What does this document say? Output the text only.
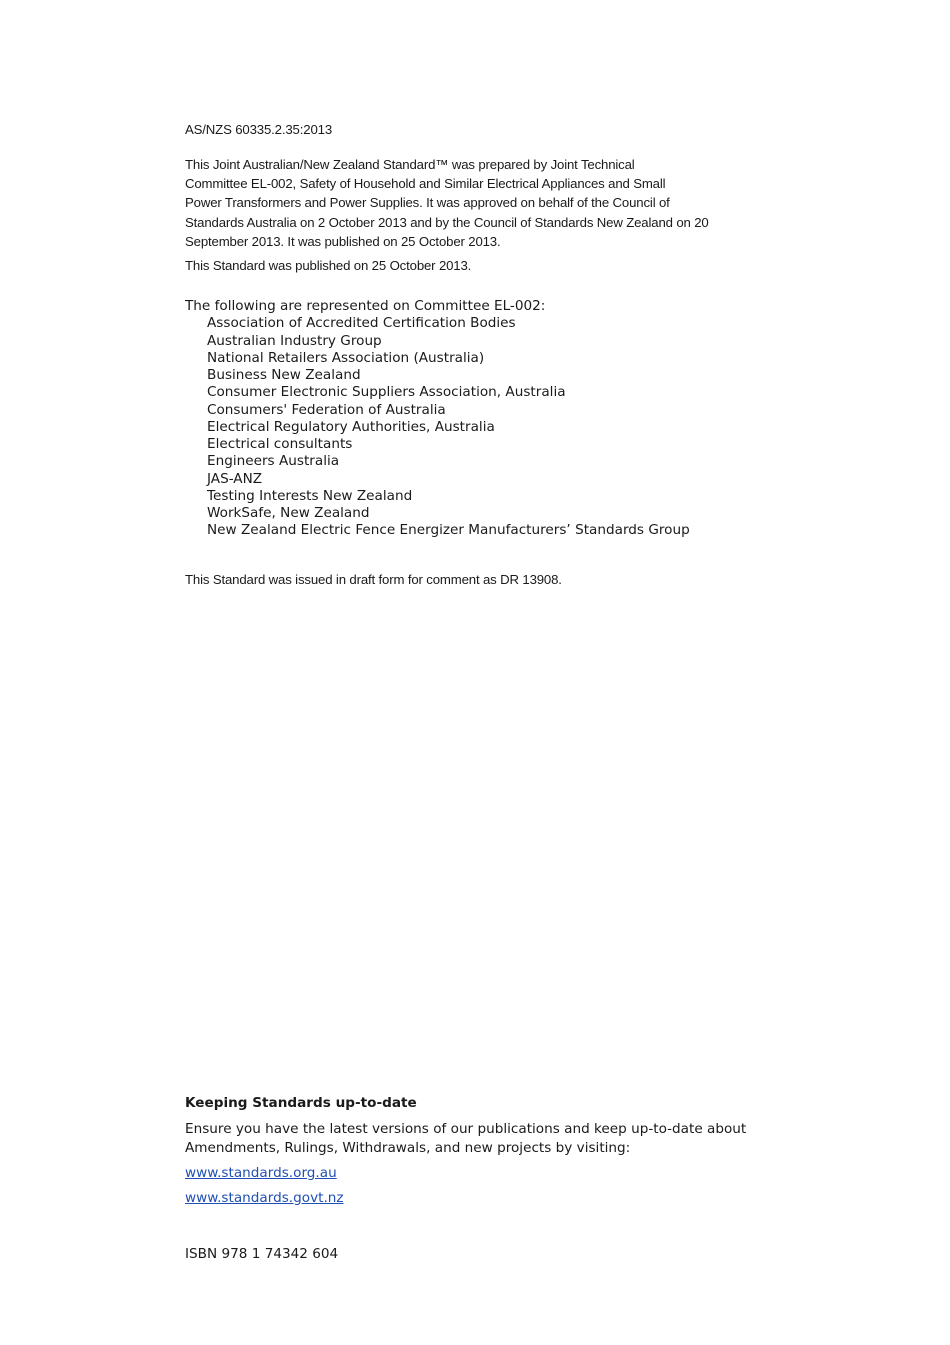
AS/NZS 60335.2.35:2013

This Joint Australian/New Zealand Standard™ was prepared by Joint Technical

Committee EL-002, Safety of Household and Similar Electrical Appliances and Small

Power Transformers and Power Supplies. It was approved on behalf of the Council of

Standards Australia on 2 October 2013 and by the Council of Standards New Zealand on 20

September 2013. It was published on 25 October 2013.

This Standard was published on 25 October 2013.

The following are represented on Committee EL-002:

Association of Accredited Certification Bodies
Australian Industry Group
National Retailers Association (Australia)
Business New Zealand
Consumer Electronic Suppliers Association, Australia
Consumers' Federation of Australia
Electrical Regulatory Authorities, Australia
Electrical consultants
Engineers Australia
JAS-ANZ
Testing Interests New Zealand
WorkSafe, New Zealand
New Zealand Electric Fence Energizer Manufacturers’ Standards Group

This Standard was issued in draft form for comment as DR 13908.

Keeping Standards up-to-date

Ensure you have the latest versions of our publications and keep up-to-date about

Amendments, Rulings, Withdrawals, and new projects by visiting:

www.standards.org.au
www.standards.govt.nz

ISBN 978 1 74342 604
